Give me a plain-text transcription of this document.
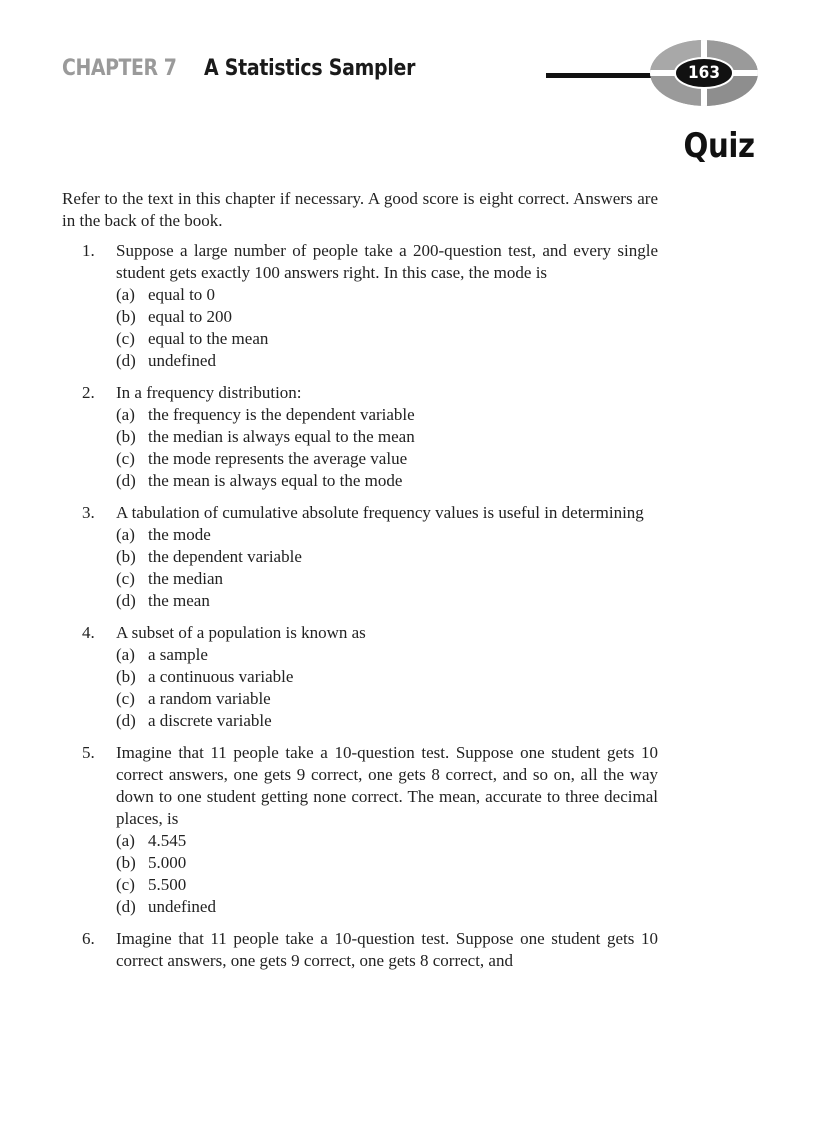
CHAPTER 7 A Statistics Sampler	163
Quiz

Refer to the text in this chapter if necessary. A good score is eight correct. Answers are in the back of the book.

1. Suppose a large number of people take a 200-question test, and every single student gets exactly 100 answers right. In this case, the mode is
(a) equal to 0
(b) equal to 200
(c) equal to the mean
(d) undefined
2. In a frequency distribution:
(a) the frequency is the dependent variable
(b) the median is always equal to the mean
(c) the mode represents the average value
(d) the mean is always equal to the mode
3. A tabulation of cumulative absolute frequency values is useful in determining
(a) the mode
(b) the dependent variable
(c) the median
(d) the mean
4. A subset of a population is known as
(a) a sample
(b) a continuous variable
(c) a random variable
(d) a discrete variable
5. Imagine that 11 people take a 10-question test. Suppose one student gets 10 correct answers, one gets 9 correct, one gets 8 correct, and so on, all the way down to one student getting none correct. The mean, accurate to three decimal places, is
(a) 4.545
(b) 5.000
(c) 5.500
(d) undefined
6. Imagine that 11 people take a 10-question test. Suppose one student gets 10 correct answers, one gets 9 correct, one gets 8 correct, and
